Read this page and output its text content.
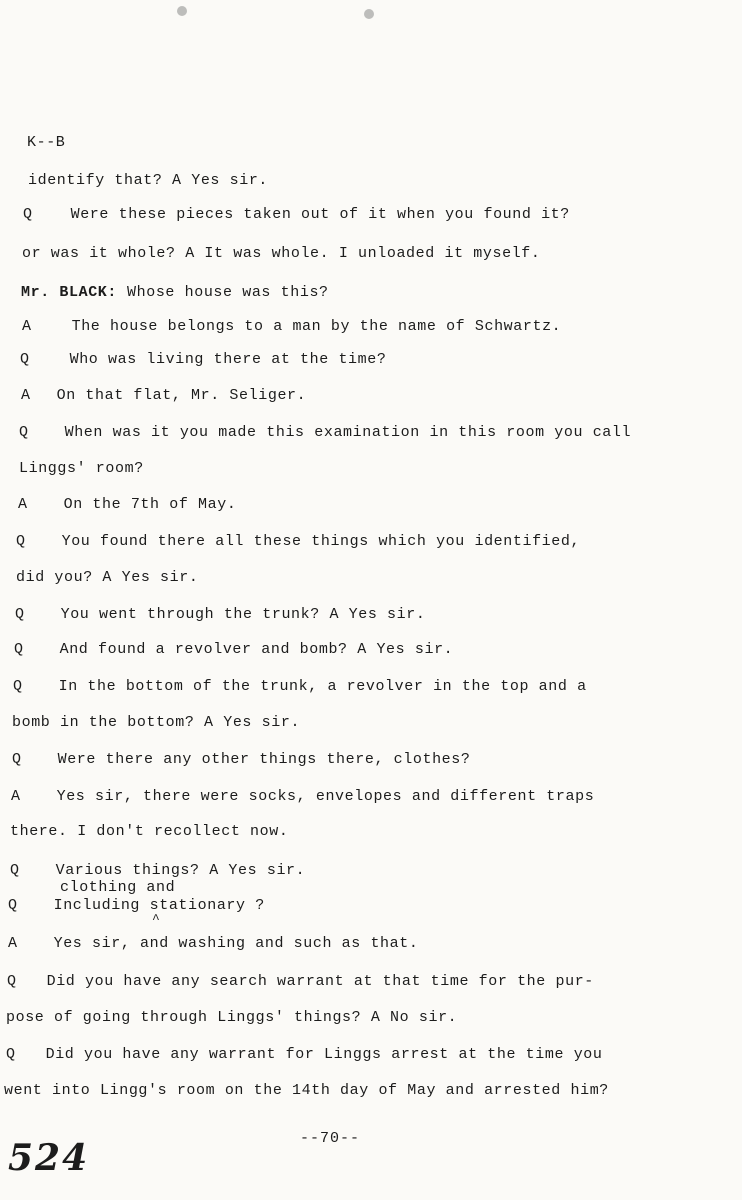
K--B
identify that? A Yes sir.
Q	Were these pieces taken out of it when you found it?
or was it whole? A It was whole. I unloaded it myself.
Mr. BLACK: Whose house was this?
A	The house belongs to a man by the name of Schwartz.
Q	Who was living there at the time?
A On that flat, Mr. Seliger.
Q When was it you made this examination in this room you call
Linggs' room?
A On the 7th of May.
Q You found there all these things which you identified,
did you? A Yes sir.
Q You went through the trunk? A Yes sir.
Q And found a revolver and bomb? A Yes sir.
Q In the bottom of the trunk, a revolver in the top and a
bomb in the bottom? A Yes sir.
Q Were there any other things there, clothes?
A Yes sir, there were socks, envelopes and different traps
there. I don't recollect now.
Q Various things? A Yes sir.
clothing and
Q Including stationary ?
^
A Yes sir, and washing and such as that.
Q Did you have any search warrant at that time for the pur-
pose of going through Linggs' things? A No sir.
Q Did you have any warrant for Linggs arrest at the time you
went into Lingg's room on the 14th day of May and arrested him?
--70--
524
